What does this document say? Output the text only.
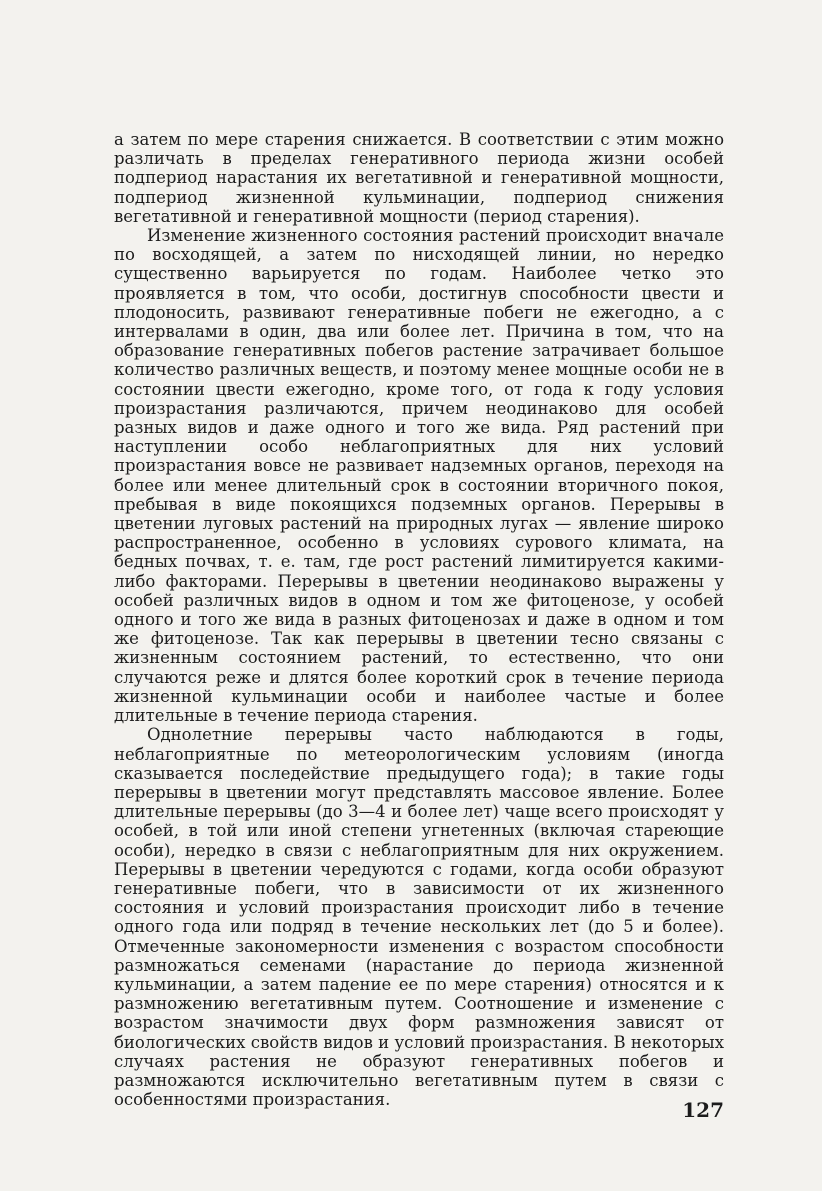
а затем по мере старения снижается. В соответствии с этим можно различать в пределах генеративного периода жизни особей подпериод нарастания их вегетативной и генеративной мощности, подпериод жизненной кульминации, подпериод снижения вегетативной и генеративной мощности (период старения).

Изменение жизненного состояния растений происходит вначале по восходящей, а затем по нисходящей линии, но нередко существенно варьируется по годам. Наиболее четко это проявляется в том, что особи, достигнув способности цвести и плодоносить, развивают генеративные побеги не ежегодно, а с интервалами в один, два или более лет. Причина в том, что на образование генеративных побегов растение затрачивает большое количество различных веществ, и поэтому менее мощные особи не в состоянии цвести ежегодно, кроме того, от года к году условия произрастания различаются, причем неодинаково для особей разных видов и даже одного и того же вида. Ряд растений при наступлении особо неблагоприятных для них условий произрастания вовсе не развивает надземных органов, переходя на более или менее длительный срок в состоянии вторичного покоя, пребывая в виде покоящихся подземных органов. Перерывы в цветении луговых растений на природных лугах — явление широко распространенное, особенно в условиях сурового климата, на бедных почвах, т. е. там, где рост растений лимитируется какими-либо факторами. Перерывы в цветении неодинаково выражены у особей различных видов в одном и том же фитоценозе, у особей одного и того же вида в разных фитоценозах и даже в одном и том же фитоценозе. Так как перерывы в цветении тесно связаны с жизненным состоянием растений, то естественно, что они случаются реже и длятся более короткий срок в течение периода жизненной кульминации особи и наиболее частые и более длительные в течение периода старения.

Однолетние перерывы часто наблюдаются в годы, неблагоприятные по метеорологическим условиям (иногда сказывается последействие предыдущего года); в такие годы перерывы в цветении могут представлять массовое явление. Более длительные перерывы (до 3—4 и более лет) чаще всего происходят у особей, в той или иной степени угнетенных (включая стареющие особи), нередко в связи с неблагоприятным для них окружением. Перерывы в цветении чередуются с годами, когда особи образуют генеративные побеги, что в зависимости от их жизненного состояния и условий произрастания происходит либо в течение одного года или подряд в течение нескольких лет (до 5 и более). Отмеченные закономерности изменения с возрастом способности размножаться семенами (нарастание до периода жизненной кульминации, а затем падение ее по мере старения) относятся и к размножению вегетативным путем. Соотношение и изменение с возрастом значимости двух форм размножения зависят от биологических свойств видов и условий произрастания. В некоторых случаях растения не образуют генеративных побегов и размножаются исключительно вегетативным путем в связи с особенностями произрастания.	127
